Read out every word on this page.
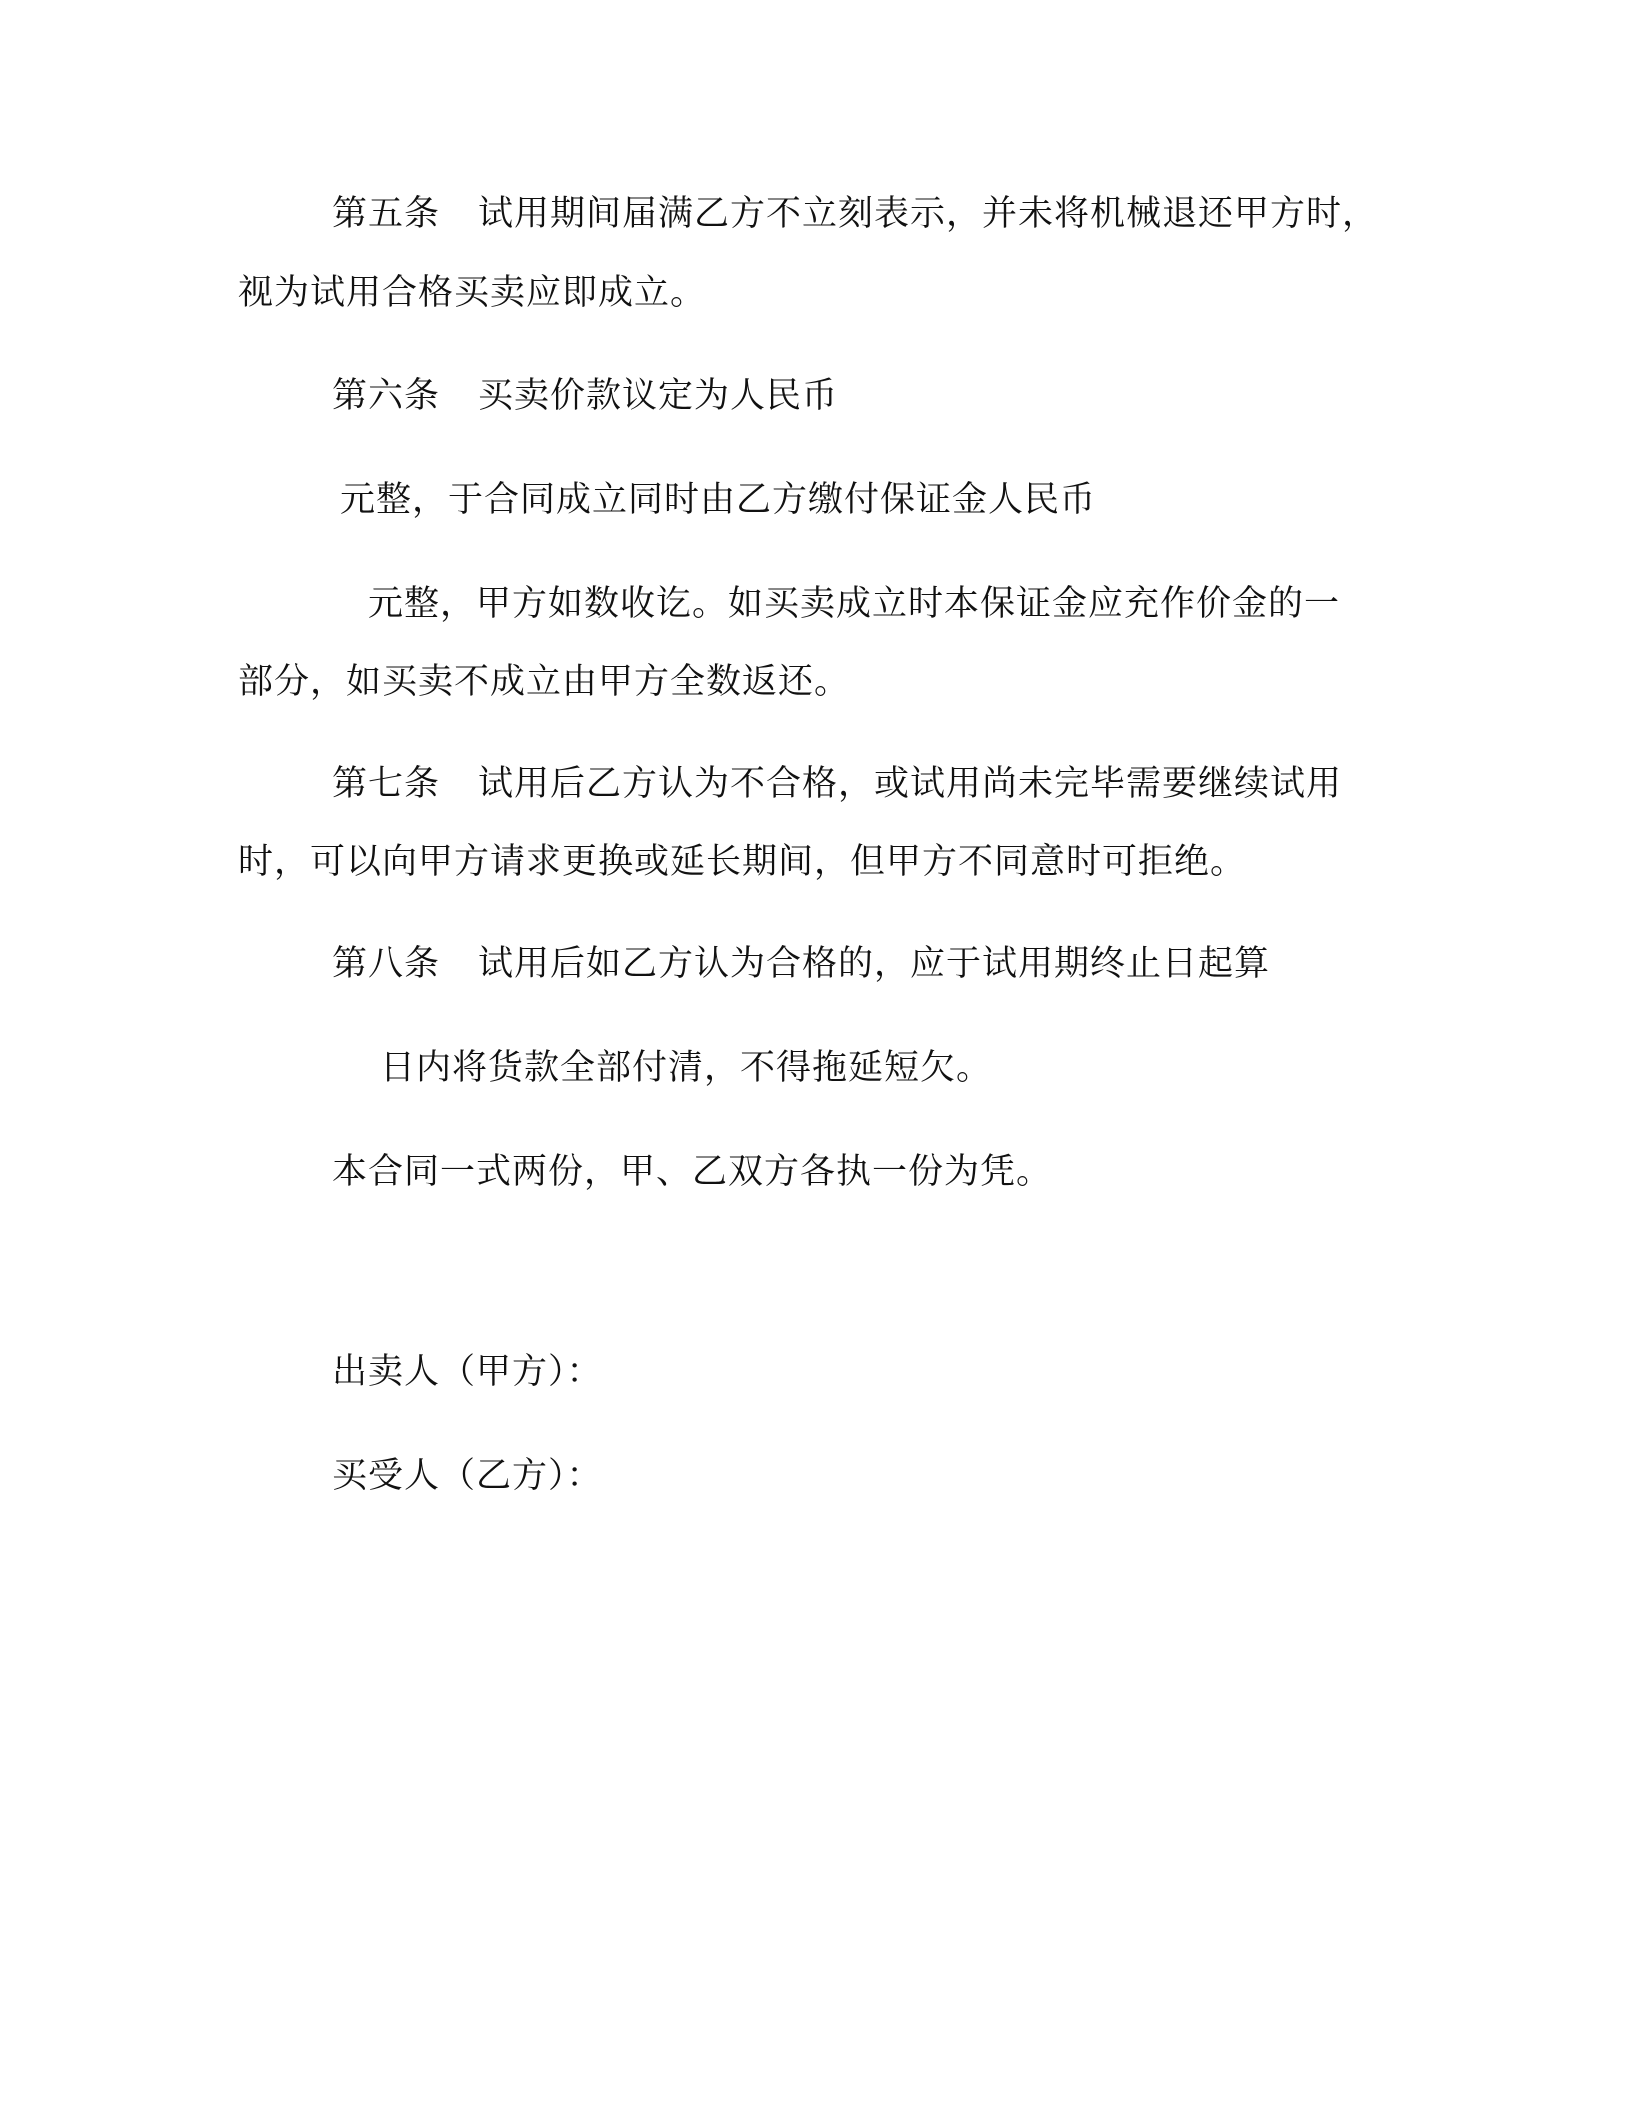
第五条 试用期间届满乙方不立刻表示，并未将机械退还甲方时，
视为试用合格买卖应即成立。
第六条 买卖价款议定为人民币
元整，于合同成立同时由乙方缴付保证金人民币
元整，甲方如数收讫。如买卖成立时本保证金应充作价金的一
部分，如买卖不成立由甲方全数返还。
第七条 试用后乙方认为不合格，或试用尚未完毕需要继续试用
时，可以向甲方请求更换或延长期间，但甲方不同意时可拒绝。
第八条 试用后如乙方认为合格的，应于试用期终止日起算
日内将货款全部付清，不得拖延短欠。
本合同一式两份，甲、乙双方各执一份为凭。
出卖人（甲方）：
买受人（乙方）：
